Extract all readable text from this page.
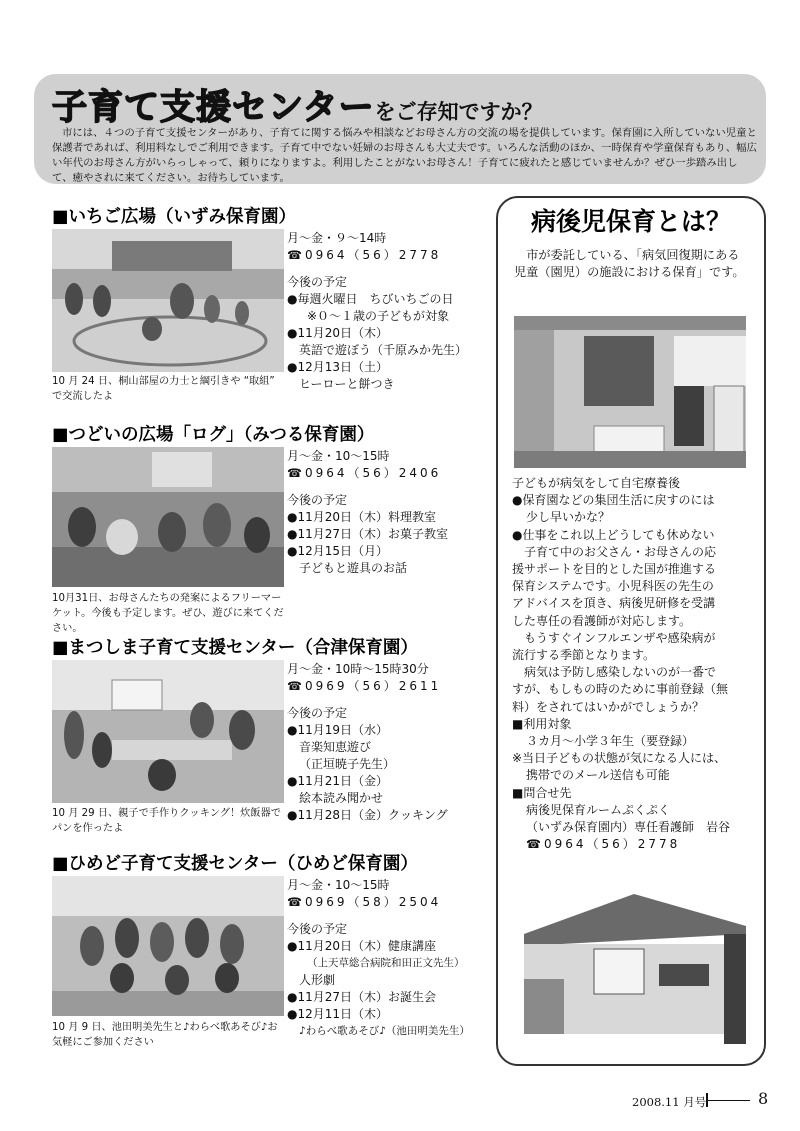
子育て支援センターをご存知ですか？

市には、４つの子育て支援センターがあり、子育てに関する悩みや相談などお母さん方の交流の場を提供しています。保育園に入所していない児童と保護者であれば、利用料なしでご利用できます。子育て中でない妊婦のお母さんも大丈夫です。いろんな活動のほか、一時保育や学童保育もあり、幅広い年代のお母さん方がいらっしゃって、頼りになりますよ。利用したことがないお母さん！子育てに疲れたと感じていませんか？ぜひ一歩踏み出して、癒やされに来てください。お待ちしています。

■いちご広場（いずみ保育園）
10 月 24 日、桐山部屋の力士と綱引きや “取組” で交流したよ
月～金・９～14時
☎0964（56）2778
今後の予定
●毎週火曜日　ちびいちごの日
※０～１歳の子どもが対象
●11月20日（木）
英語で遊ぼう（千原みか先生）
●12月13日（土）
ヒーローと餅つき
■つどいの広場「ログ」（みつる保育園）
10月31日、お母さんたちの発案によるフリーマーケット。今後も予定します。ぜひ、遊びに来てください。
月～金・10～15時
☎0964（56）2406
今後の予定
●11月20日（木）料理教室
●11月27日（木）お菓子教室
●12月15日（月）
子どもと遊具のお話
■まつしま子育て支援センター（合津保育園）
10 月 29 日、親子で手作りクッキング！炊飯器でパンを作ったよ
月～金・10時～15時30分
☎0969（56）2611
今後の予定
●11月19日（水）
音楽知恵遊び
（正垣暁子先生）
●11月21日（金）
絵本読み聞かせ
●11月28日（金）クッキング
■ひめど子育て支援センター（ひめど保育園）
10 月 9 日、池田明美先生と♪わらべ歌あそび♪お気軽にご参加ください
月～金・10～15時
☎0969（58）2504
今後の予定
●11月20日（木）健康講座
（上天草総合病院和田正文先生）
人形劇
●11月27日（木）お誕生会
●12月11日（木）
♪わらべ歌あそび♪（池田明美先生）
病後児保育とは？

　市が委託している、「病気回復期にある児童（園児）の施設における保育」です。

子どもが病気をして自宅療養後
●保育園などの集団生活に戻すのには
少し早いかな？
●仕事をこれ以上どうしても休めない
子育て中のお父さん・お母さんの応
援サポートを目的とした国が推進する
保育システムです。小児科医の先生の
アドバイスを頂き、病後児研修を受講
した専任の看護師が対応します。
もうすぐインフルエンザや感染病が
流行する季節となります。
病気は予防し感染しないのが一番で
すが、もしもの時のために事前登録（無
料）をされてはいかがでしょうか？
■利用対象
３カ月～小学３年生（要登録）
※当日子どもの状態が気になる人には、
携帯でのメール送信も可能
■問合せ先
病後児保育ルームぷくぷく
（いずみ保育園内）専任看護師　岩谷
☎0964（56）2778
2008.11 月号	8
